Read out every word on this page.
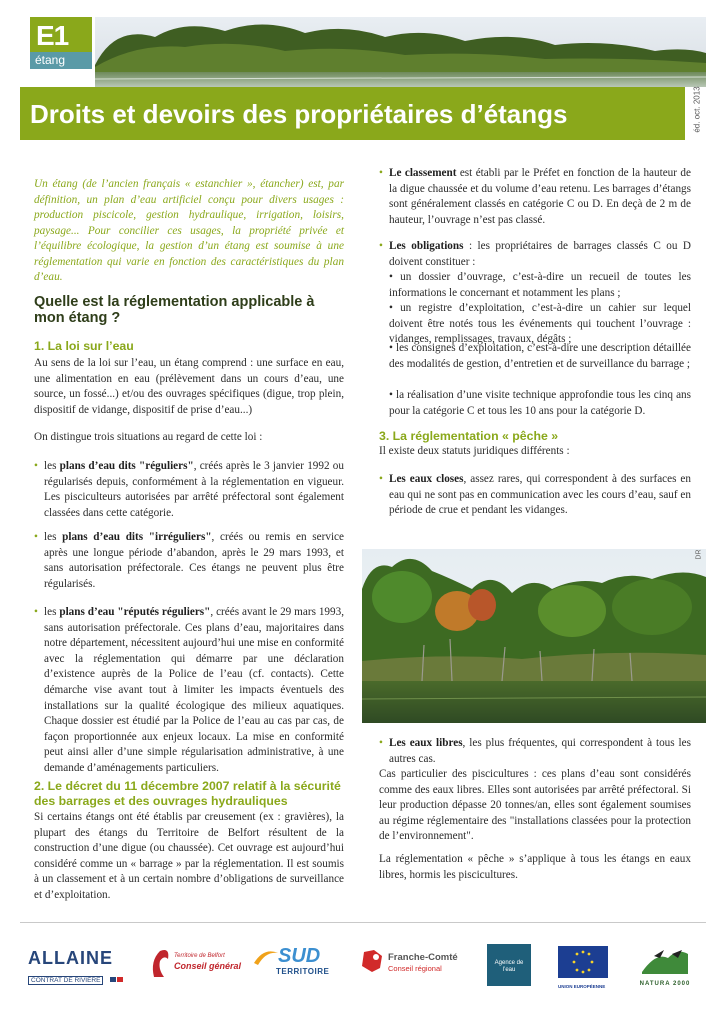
E1
étang
Droits et devoirs des propriétaires d’étangs	éd. oct. 2013

Un étang (de l’ancien français « estanchier », étancher) est, par définition, un plan d’eau artificiel conçu pour divers usages : production piscicole, gestion hydraulique, irrigation, loisirs, paysage... Pour concilier ces usages, la propriété privée et l’équilibre écologique, la gestion d’un étang est soumise à une réglementation qui varie en fonction des caractéristiques du plan d’eau.

Quelle est la réglementation applicable à mon étang ?
1. La loi sur l’eau

Au sens de la loi sur l’eau, un étang comprend : une surface en eau, une alimentation en eau (prélèvement dans un cours d’eau, une source, un fossé...) et/ou des ouvrages spécifiques (digue, trop plein, dispositif de vidange, dispositif de prise d’eau...)

On distingue trois situations au regard de cette loi :

• les plans d’eau dits "réguliers", créés après le 3 janvier 1992 ou régularisés depuis, conformément à la réglementation en vigueur. Les pisciculteurs autorisées par arrêté préfectoral sont également classées dans cette catégorie.
• les plans d’eau dits "irréguliers", créés ou remis en service après une longue période d’abandon, après le 29 mars 1993, et sans autorisation préfectorale. Ces étangs ne peuvent plus être régularisés.
• les plans d’eau "réputés réguliers", créés avant le 29 mars 1993, sans autorisation préfectorale. Ces plans d’eau, majoritaires dans notre département, nécessitent aujourd’hui une mise en conformité avec la réglementation qui démarre par une déclaration d’existence auprès de la Police de l’eau (cf. contacts). Cette démarche vise avant tout à limiter les impacts éventuels des installations sur la qualité écologique des milieux aquatiques. Chaque dossier est étudié par la Police de l’eau au cas par cas, de façon proportionnée aux enjeux locaux. La mise en conformité peut ainsi aller d’une simple régularisation administrative, à une demande d’aménagements particuliers.
2. Le décret du 11 décembre 2007 relatif à la sécurité des barrages et des ouvrages hydrauliques

Si certains étangs ont été établis par creusement (ex : gravières), la plupart des étangs du Territoire de Belfort résultent de la construction d’une digue (ou chaussée). Cet ouvrage est aujourd’hui considéré comme un « barrage » par la réglementation. Il est soumis à un classement et à un certain nombre d’obligations de surveillance et d’exploitation.

• Le classement est établi par le Préfet en fonction de la hauteur de la digue chaussée et du volume d’eau retenu. Les barrages d’étangs sont généralement classés en catégorie C ou D. En deçà de 2 m de hauteur, l’ouvrage n’est pas classé.
• Les obligations : les propriétaires de barrages classés C ou D doivent constituer :

• un dossier d’ouvrage, c’est-à-dire un recueil de toutes les informations le concernant et notamment les plans ;

• un registre d’exploitation, c’est-à-dire un cahier sur lequel doivent être notés tous les événements qui touchent l’ouvrage : vidanges, remplissages, travaux, dégâts ;

• les consignes d’exploitation, c’est-à-dire une description détaillée des modalités de gestion, d’entretien et de surveillance du barrage ;

• la réalisation d’une visite technique approfondie tous les cinq ans pour la catégorie C et tous les 10 ans pour la catégorie D.

3. La réglementation « pêche »

Il existe deux statuts juridiques différents :

• Les eaux closes, assez rares, qui correspondent à des surfaces en eau qui ne sont pas en communication avec les cours d’eau, sauf en période de crue et pendant les vidanges.
DR
• Les eaux libres, les plus fréquentes, qui correspondent à tous les autres cas.

Cas particulier des piscicultures : ces plans d’eau sont considérés comme des eaux libres. Elles sont autorisées par arrêté préfectoral. Si leur production dépasse 20 tonnes/an, elles sont également soumises au régime réglementaire des "installations classées pour la protection de l’environnement".

La réglementation « pêche » s’applique à tous les étangs en eaux libres, hormis les piscicultures.

ALLAINE
CONTRAT DE RIVIÈRE
Territoire de Belfort
Conseil général SUD
TERRITOIRE
Franche-Comté
Conseil régional
Agence de l’eau
UNION EUROPÉENNE	NATURA 2000
